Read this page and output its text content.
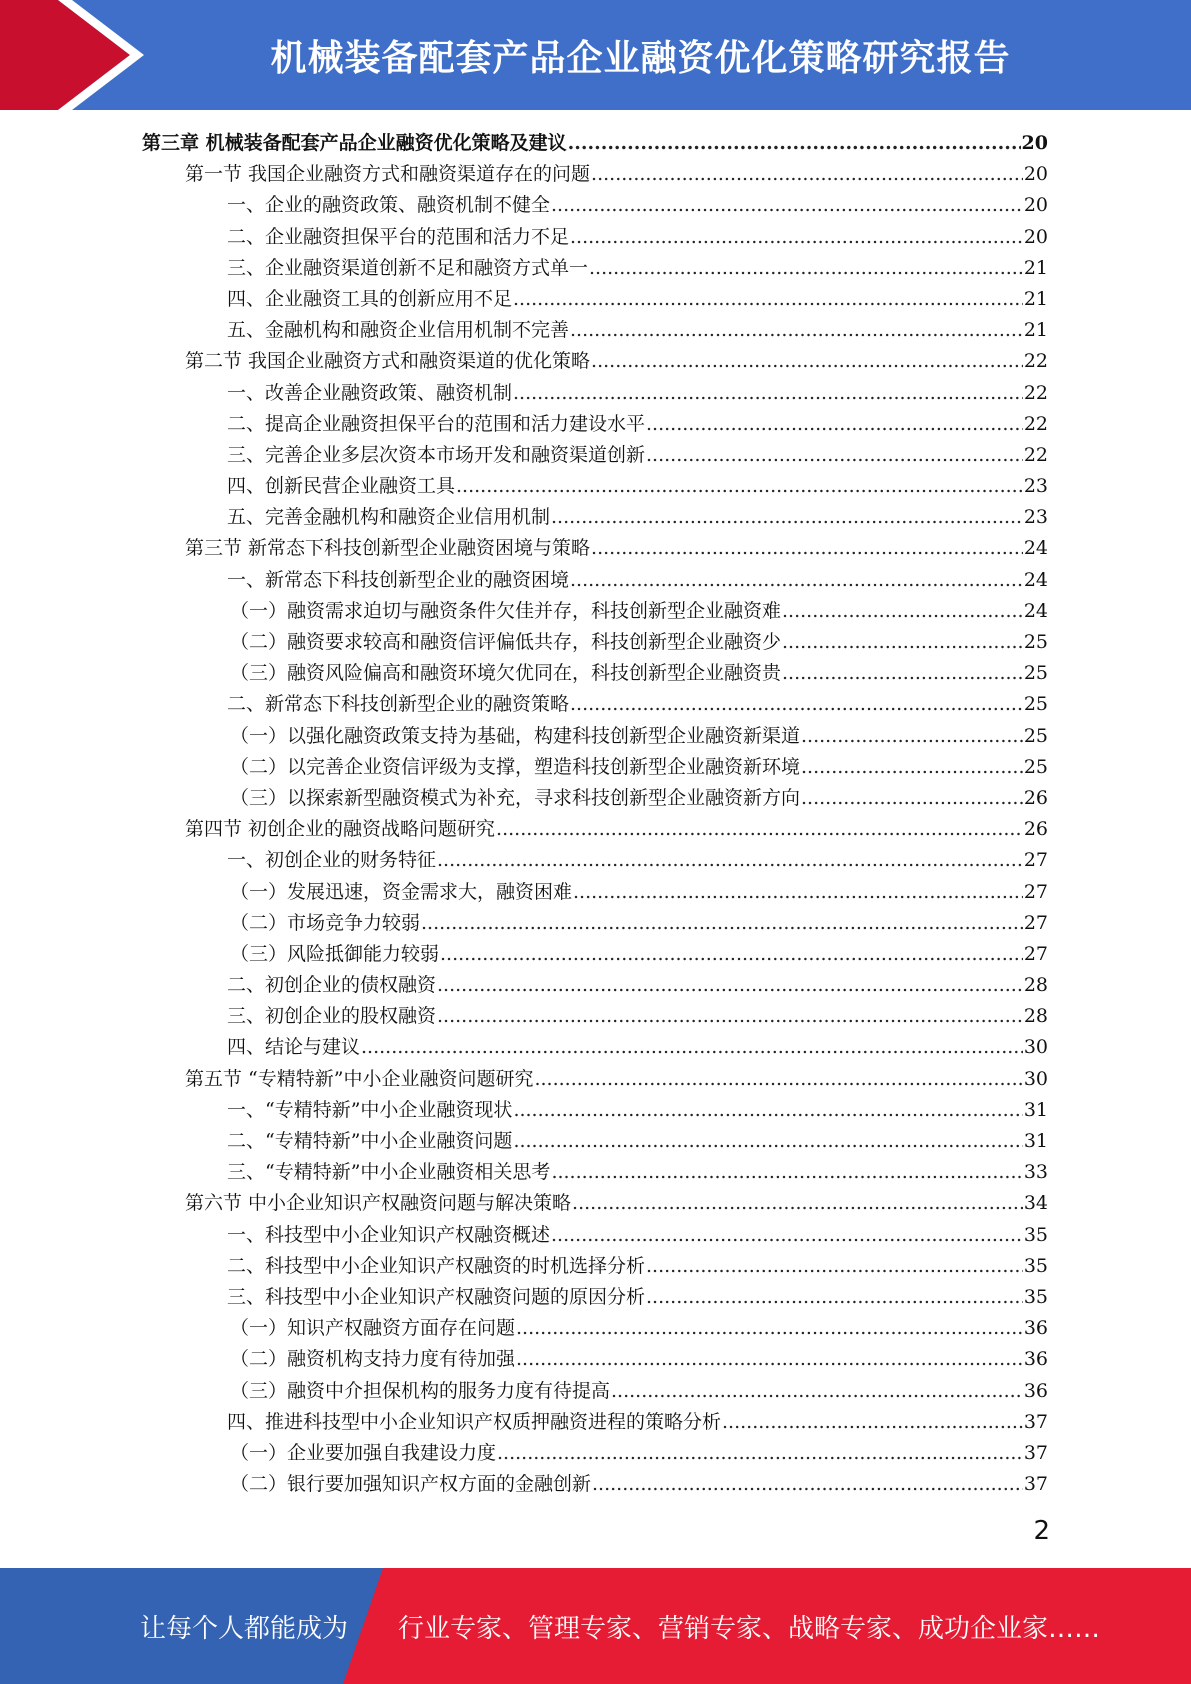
机械装备配套产品企业融资优化策略研究报告
第三章 机械装备配套产品企业融资优化策略及建议 .....	20
第一节 我国企业融资方式和融资渠道存在的问题 .....	20
一、企业的融资政策、融资机制不健全 .....	20
二、企业融资担保平台的范围和活力不足 .....	20
三、企业融资渠道创新不足和融资方式单一 .....	21
四、企业融资工具的创新应用不足 .....	21
五、金融机构和融资企业信用机制不完善 .....	21
第二节 我国企业融资方式和融资渠道的优化策略 .....	22
一、改善企业融资政策、融资机制 .....	22
二、提高企业融资担保平台的范围和活力建设水平 .....	22
三、完善企业多层次资本市场开发和融资渠道创新 .....	22
四、创新民营企业融资工具 .....	23
五、完善金融机构和融资企业信用机制 .....	23
第三节 新常态下科技创新型企业融资困境与策略 .....	24
一、新常态下科技创新型企业的融资困境 .....	24
（一）融资需求迫切与融资条件欠佳并存，科技创新型企业融资难 .....	24
（二）融资要求较高和融资信评偏低共存，科技创新型企业融资少 .....	25
（三）融资风险偏高和融资环境欠优同在，科技创新型企业融资贵 .....	25
二、新常态下科技创新型企业的融资策略 .....	25
（一）以强化融资政策支持为基础，构建科技创新型企业融资新渠道 .....	25
（二）以完善企业资信评级为支撑，塑造科技创新型企业融资新环境 .....	25
（三）以探索新型融资模式为补充，寻求科技创新型企业融资新方向 .....	26
第四节 初创企业的融资战略问题研究 .....	26
一、初创企业的财务特征 .....	27
（一）发展迅速，资金需求大，融资困难 .....	27
（二）市场竞争力较弱 .....	27
（三）风险抵御能力较弱 .....	27
二、初创企业的债权融资 .....	28
三、初创企业的股权融资 .....	28
四、结论与建议 .....	30
第五节 “专精特新”中小企业融资问题研究 .....	30
一、“专精特新”中小企业融资现状 .....	31
二、“专精特新”中小企业融资问题 .....	31
三、“专精特新”中小企业融资相关思考 .....	33
第六节 中小企业知识产权融资问题与解决策略 .....	34
一、科技型中小企业知识产权融资概述 .....	35
二、科技型中小企业知识产权融资的时机选择分析 .....	35
三、科技型中小企业知识产权融资问题的原因分析 .....	35
（一）知识产权融资方面存在问题 .....	36
（二）融资机构支持力度有待加强 .....	36
（三）融资中介担保机构的服务力度有待提高 .....	36
四、推进科技型中小企业知识产权质押融资进程的策略分析 .....	37
（一）企业要加强自我建设力度 .....	37
（二）银行要加强知识产权方面的金融创新 .....	37
2
让每个人都能成为 行业专家、管理专家、营销专家、战略专家、成功企业家……
